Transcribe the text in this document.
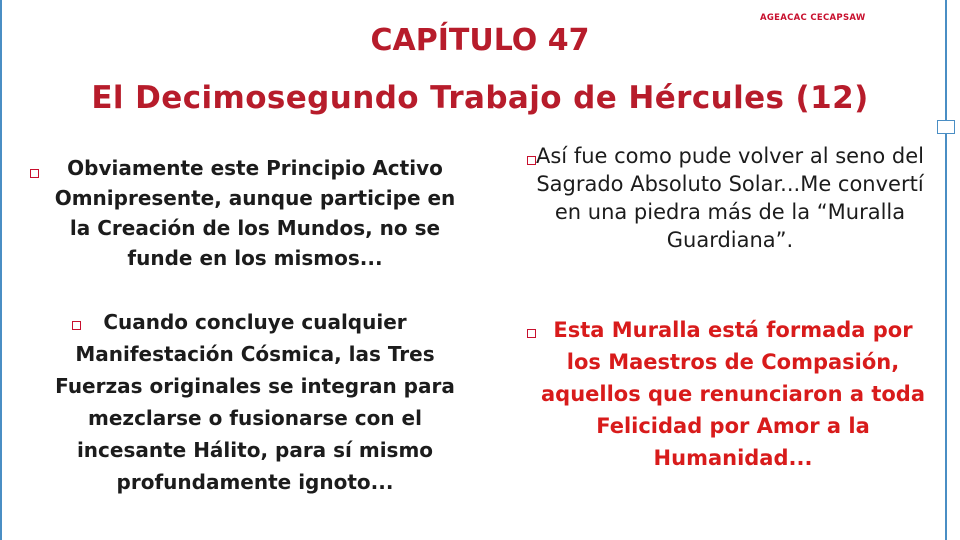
AGEACAC CECAPSAW
CAPÍTULO 47
El Decimosegundo Trabajo de Hércules (12)
Obviamente este Principio Activo Omnipresente, aunque participe en la Creación de los Mundos, no se funde en los mismos...
Cuando concluye cualquier Manifestación Cósmica, las Tres Fuerzas originales se integran para mezclarse o fusionarse con el incesante Hálito, para sí mismo profundamente ignoto...
Así fue como pude volver al seno del Sagrado Absoluto Solar...Me convertí en una piedra más de la “Muralla Guardiana”.
Esta Muralla está formada por los Maestros de Compasión, aquellos que renunciaron a toda Felicidad por Amor a la Humanidad...
